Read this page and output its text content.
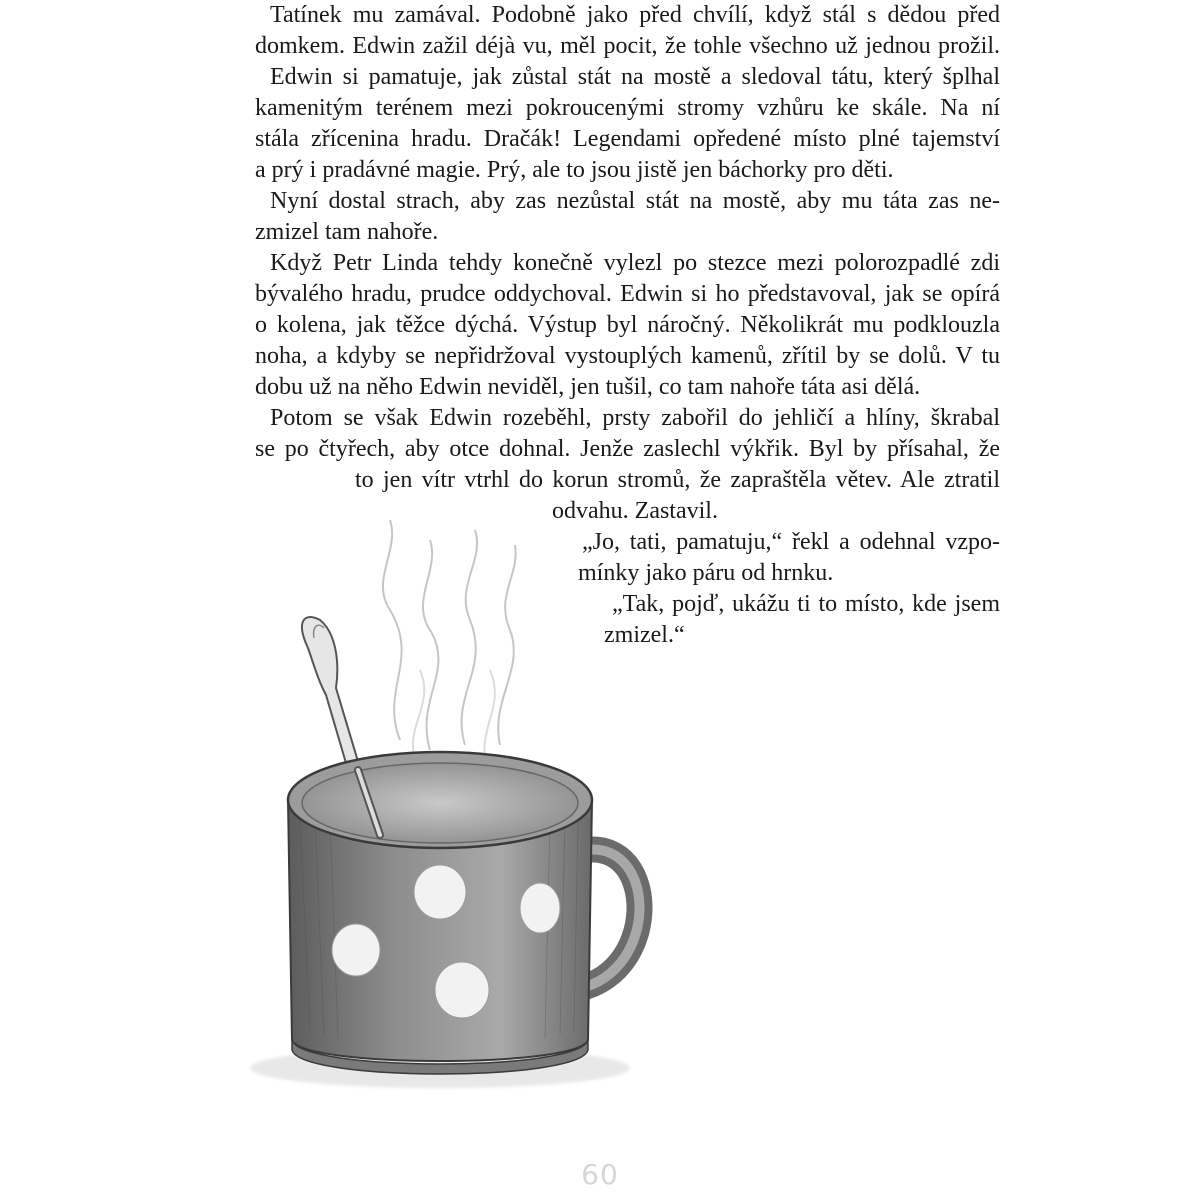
Tatínek mu zamával. Podobně jako před chvílí, když stál s dědou před

domkem. Edwin zažil déjà vu, měl pocit, že tohle všechno už jednou prožil.

Edwin si pamatuje, jak zůstal stát na mostě a sledoval tátu, který šplhal

kamenitým terénem mezi pokroucenými stromy vzhůru ke skále. Na ní

stála zřícenina hradu. Dračák! Legendami opředené místo plné tajemství

a prý i pradávné magie. Prý, ale to jsou jistě jen báchorky pro děti.

Nyní dostal strach, aby zas nezůstal stát na mostě, aby mu táta zas ne-

zmizel tam nahoře.

Když Petr Linda tehdy konečně vylezl po stezce mezi polorozpadlé zdi

bývalého hradu, prudce oddychoval. Edwin si ho představoval, jak se opírá

o kolena, jak těžce dýchá. Výstup byl náročný. Několikrát mu podklouzla

noha, a kdyby se nepřidržoval vystouplých kamenů, zřítil by se dolů. V tu

dobu už na něho Edwin neviděl, jen tušil, co tam nahoře táta asi dělá.

Potom se však Edwin rozeběhl, prsty zabořil do jehličí a hlíny, škrabal

se po čtyřech, aby otce dohnal. Jenže zaslechl výkřik. Byl by přísahal, že

to jen vítr vtrhl do korun stromů, že zapraštěla větev. Ale ztratil

odvahu. Zastavil.

„Jo, tati, pamatuju,“ řekl a odehnal vzpo-

mínky jako páru od hrnku.

„Tak, pojď, ukážu ti to místo, kde jsem

zmizel.“

60
